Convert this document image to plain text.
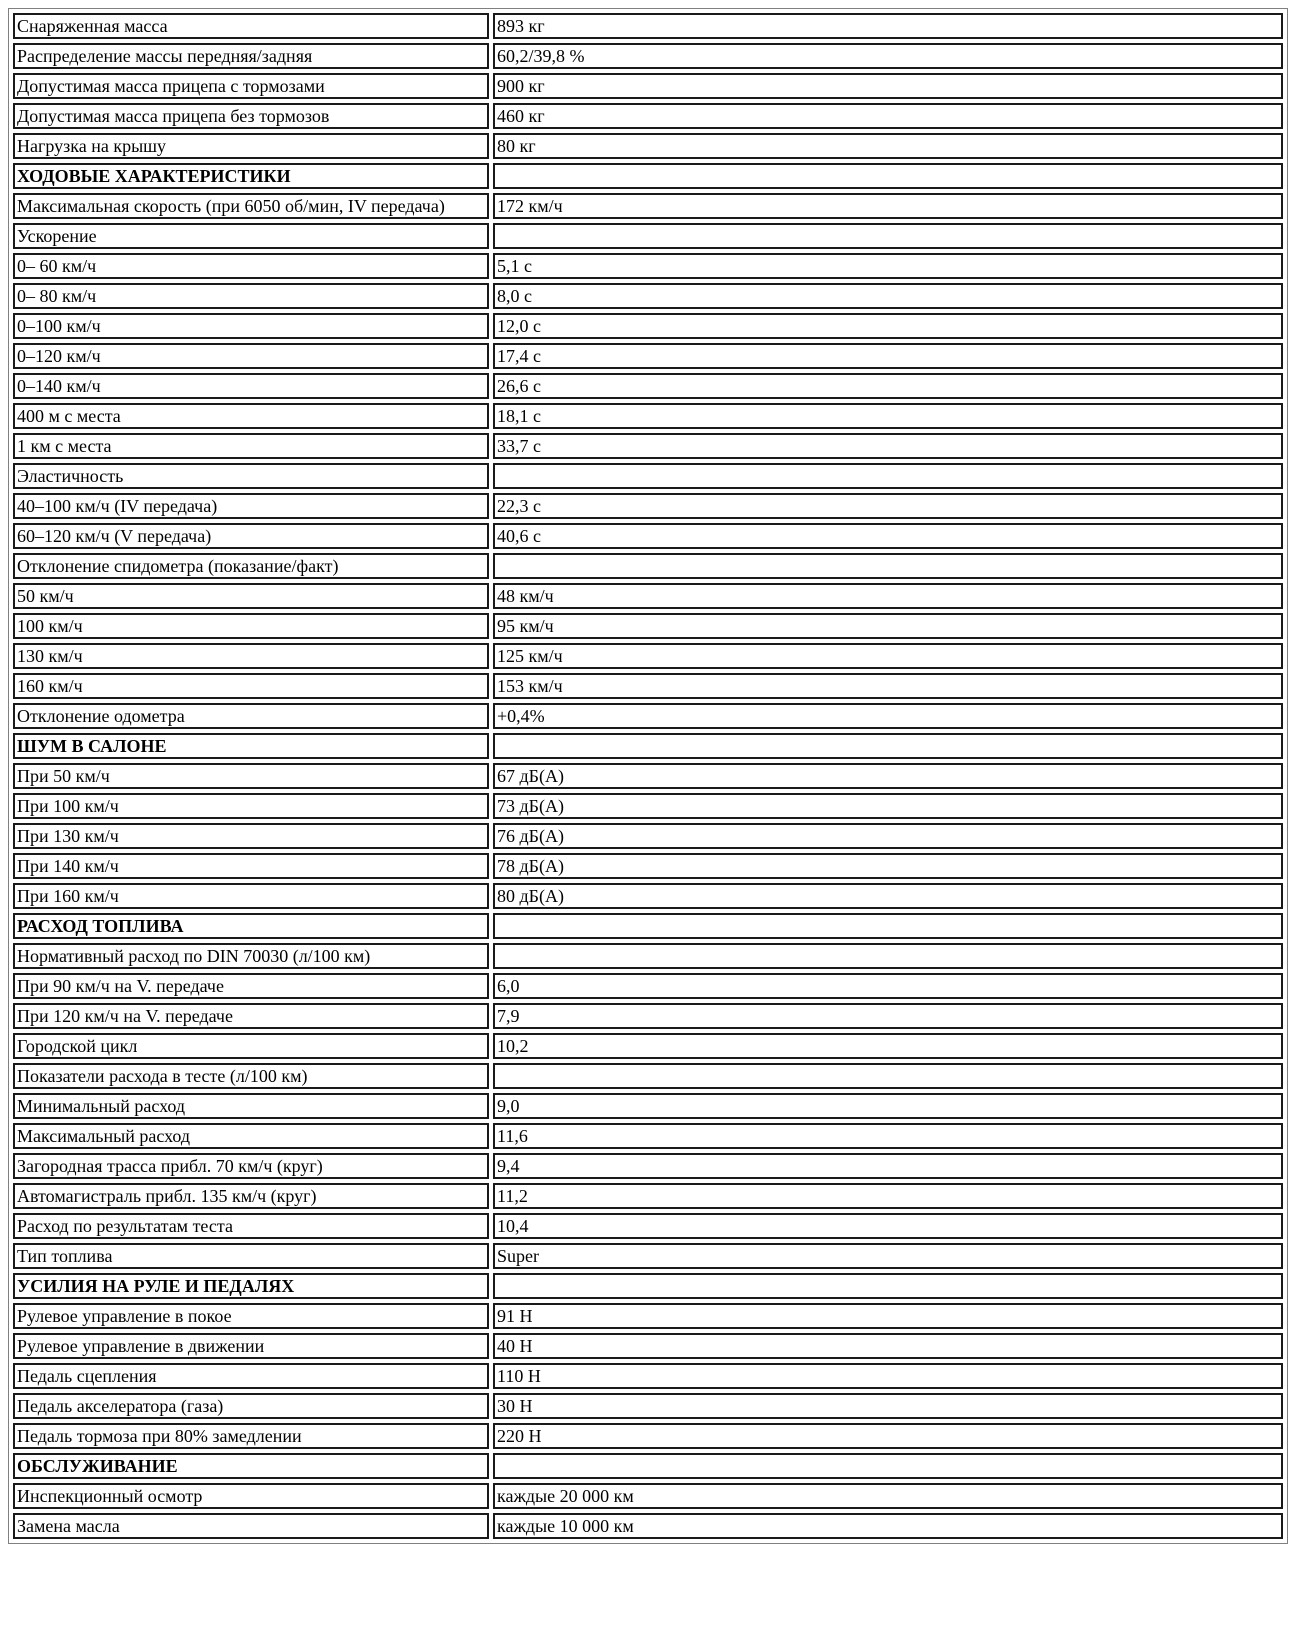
Снаряженная масса	893 кг
Распределение массы передняя/задняя	60,2/39,8 %
Допустимая масса прицепа с тормозами	900 кг
Допустимая масса прицепа без тормозов	460 кг
Нагрузка на крышу	80 кг
ХОДОВЫЕ ХАРАКТЕРИСТИКИ	
Максимальная скорость (при 6050 об/мин, IV передача)	172 км/ч
Ускорение	
0– 60 км/ч	5,1 с
0– 80 км/ч	8,0 с
0–100 км/ч	12,0 с
0–120 км/ч	17,4 с
0–140 км/ч	26,6 с
400 м с места	18,1 с
1 км с места	33,7 с
Эластичность	
40–100 км/ч (IV передача)	22,3 с
60–120 км/ч (V передача)	40,6 с
Отклонение спидометра (показание/факт)	
50 км/ч	48 км/ч
100 км/ч	95 км/ч
130 км/ч	125 км/ч
160 км/ч	153 км/ч
Отклонение одометра	+0,4%
ШУМ В САЛОНЕ	
При 50 км/ч	67 дБ(А)
При 100 км/ч	73 дБ(А)
При 130 км/ч	76 дБ(А)
При 140 км/ч	78 дБ(А)
При 160 км/ч	80 дБ(А)
РАСХОД ТОПЛИВА	
Нормативный расход по DIN 70030 (л/100 км)	
При 90 км/ч на V. передаче	6,0
При 120 км/ч на V. передаче	7,9
Городской цикл	10,2
Показатели расхода в тесте (л/100 км)	
Минимальный расход	9,0
Максимальный расход	11,6
Загородная трасса прибл. 70 км/ч (круг)	9,4
Автомагистраль прибл. 135 км/ч (круг)	11,2
Расход по результатам теста	10,4
Тип топлива	Super
УСИЛИЯ НА РУЛЕ И ПЕДАЛЯХ	
Рулевое управление в покое	91 Н
Рулевое управление в движении	40 Н
Педаль сцепления	110 Н
Педаль акселератора (газа)	30 Н
Педаль тормоза при 80% замедлении	220 Н
ОБСЛУЖИВАНИЕ	
Инспекционный осмотр	каждые 20 000 км
Замена масла	каждые 10 000 км
